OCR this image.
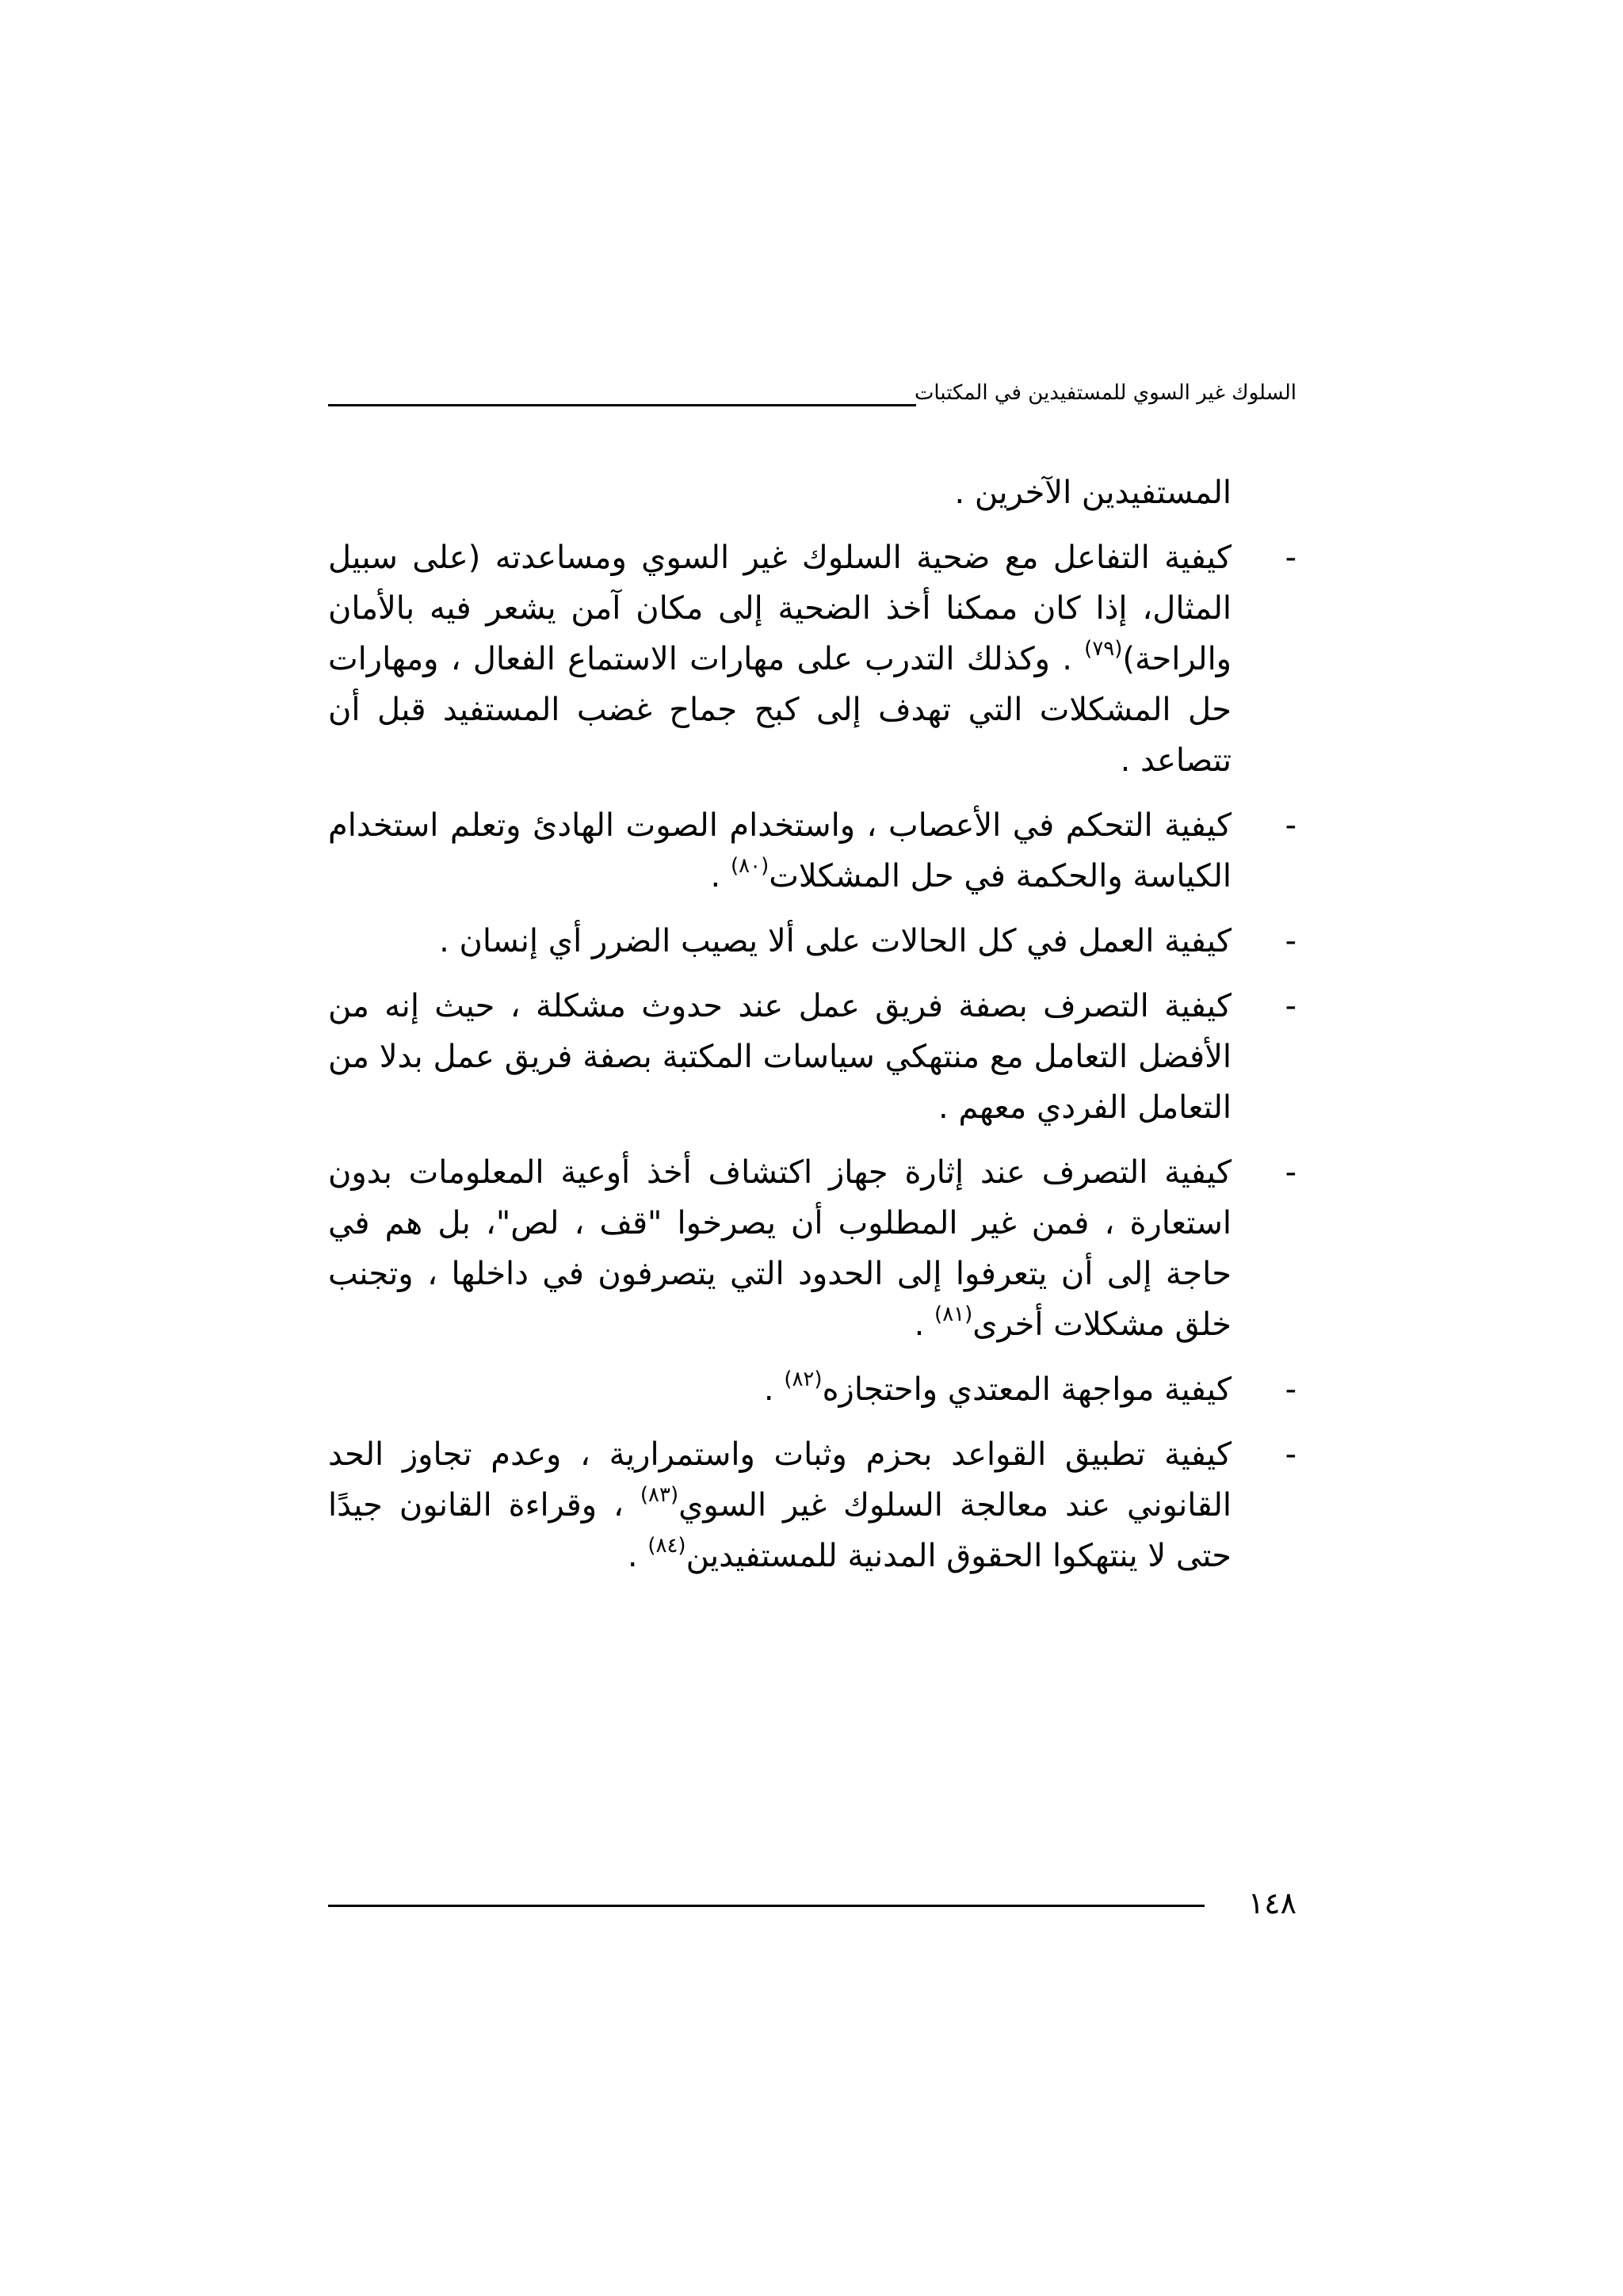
السلوك غير السوي للمستفيدين في المكتبات

المستفيدين الآخرين .

-
كيفية التفاعل مع ضحية السلوك غير السوي ومساعدته (على سبيل المثال، إذا كان ممكنا أخذ الضحية إلى مكان آمن يشعر فيه بالأمان والراحة)$^{(٧٩)}$ . وكذلك التدرب على مهارات الاستماع الفعال ، ومهارات حل المشكلات التي تهدف إلى كبح جماح غضب المستفيد قبل أن تتصاعد .

-
كيفية التحكم في الأعصاب ، واستخدام الصوت الهادئ وتعلم استخدام الكياسة والحكمة في حل المشكلات$^{(٨٠)}$ .

-
كيفية العمل في كل الحالات على ألا يصيب الضرر أي إنسان .

-
كيفية التصرف بصفة فريق عمل عند حدوث مشكلة ، حيث إنه من الأفضل التعامل مع منتهكي سياسات المكتبة بصفة فريق عمل بدلا من التعامل الفردي معهم .

-
كيفية التصرف عند إثارة جهاز اكتشاف أخذ أوعية المعلومات بدون استعارة ، فمن غير المطلوب أن يصرخوا "قف ، لص"، بل هم في حاجة إلى أن يتعرفوا إلى الحدود التي يتصرفون في داخلها ، وتجنب خلق مشكلات أخرى$^{(٨١)}$ .

-
كيفية مواجهة المعتدي واحتجازه$^{(٨٢)}$ .

-
كيفية تطبيق القواعد بحزم وثبات واستمرارية ، وعدم تجاوز الحد القانوني عند معالجة السلوك غير السوي$^{(٨٣)}$ ، وقراءة القانون جيدًا حتى لا ينتهكوا الحقوق المدنية للمستفيدين$^{(٨٤)}$ .

١٤٨
